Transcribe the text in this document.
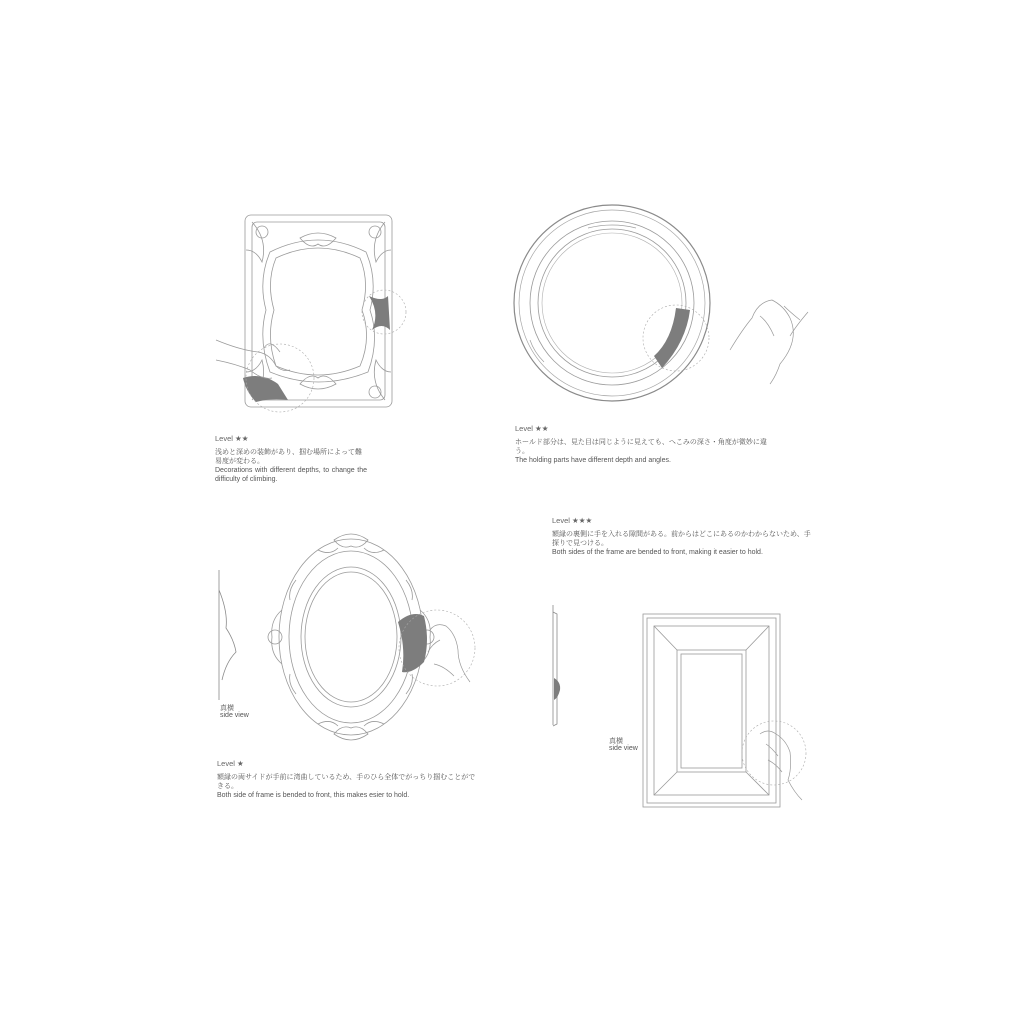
Level ★★

浅めと深めの装飾があり、掴む場所によって難易度が変わる。

Decorations with different depths, to change the difficulty of climbing.

Level ★★

ホールド部分は、見た目は同じように見えても、へこみの深さ・角度が微妙に違う。

The holding parts have different depth and angles.

Level ★

額縁の両サイドが手前に湾曲しているため、手のひら全体でがっちり掴むことができる。

Both side of frame is bended to front, this makes esier to hold.

Level ★★★

額縁の裏側に手を入れる隙間がある。前からはどこにあるのかわからないため、手探りで見つける。

Both sides of the frame are bended to front, making it easier to hold.

真横
side view
真横
side view
